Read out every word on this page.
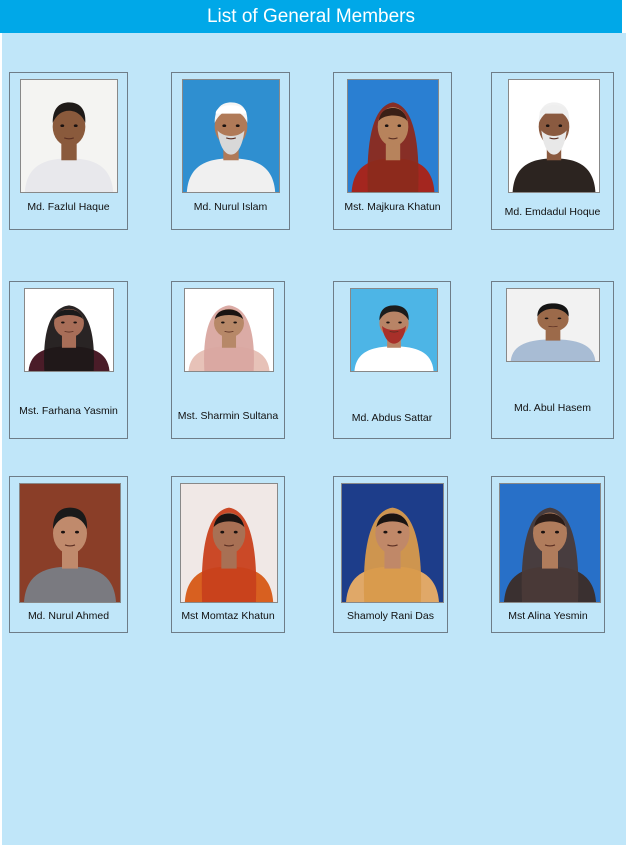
List of General Members
Md. Fazlul Haque	Md. Nurul Islam	Mst. Majkura Khatun	Md. Emdadul Hoque
Mst. Farhana Yasmin	Mst. Sharmin Sultana	Md. Abdus Sattar
Md. Abul Hasem
Md. Nurul Ahmed	Mst Momtaz Khatun	Shamoly Rani Das	Mst Alina Yesmin
